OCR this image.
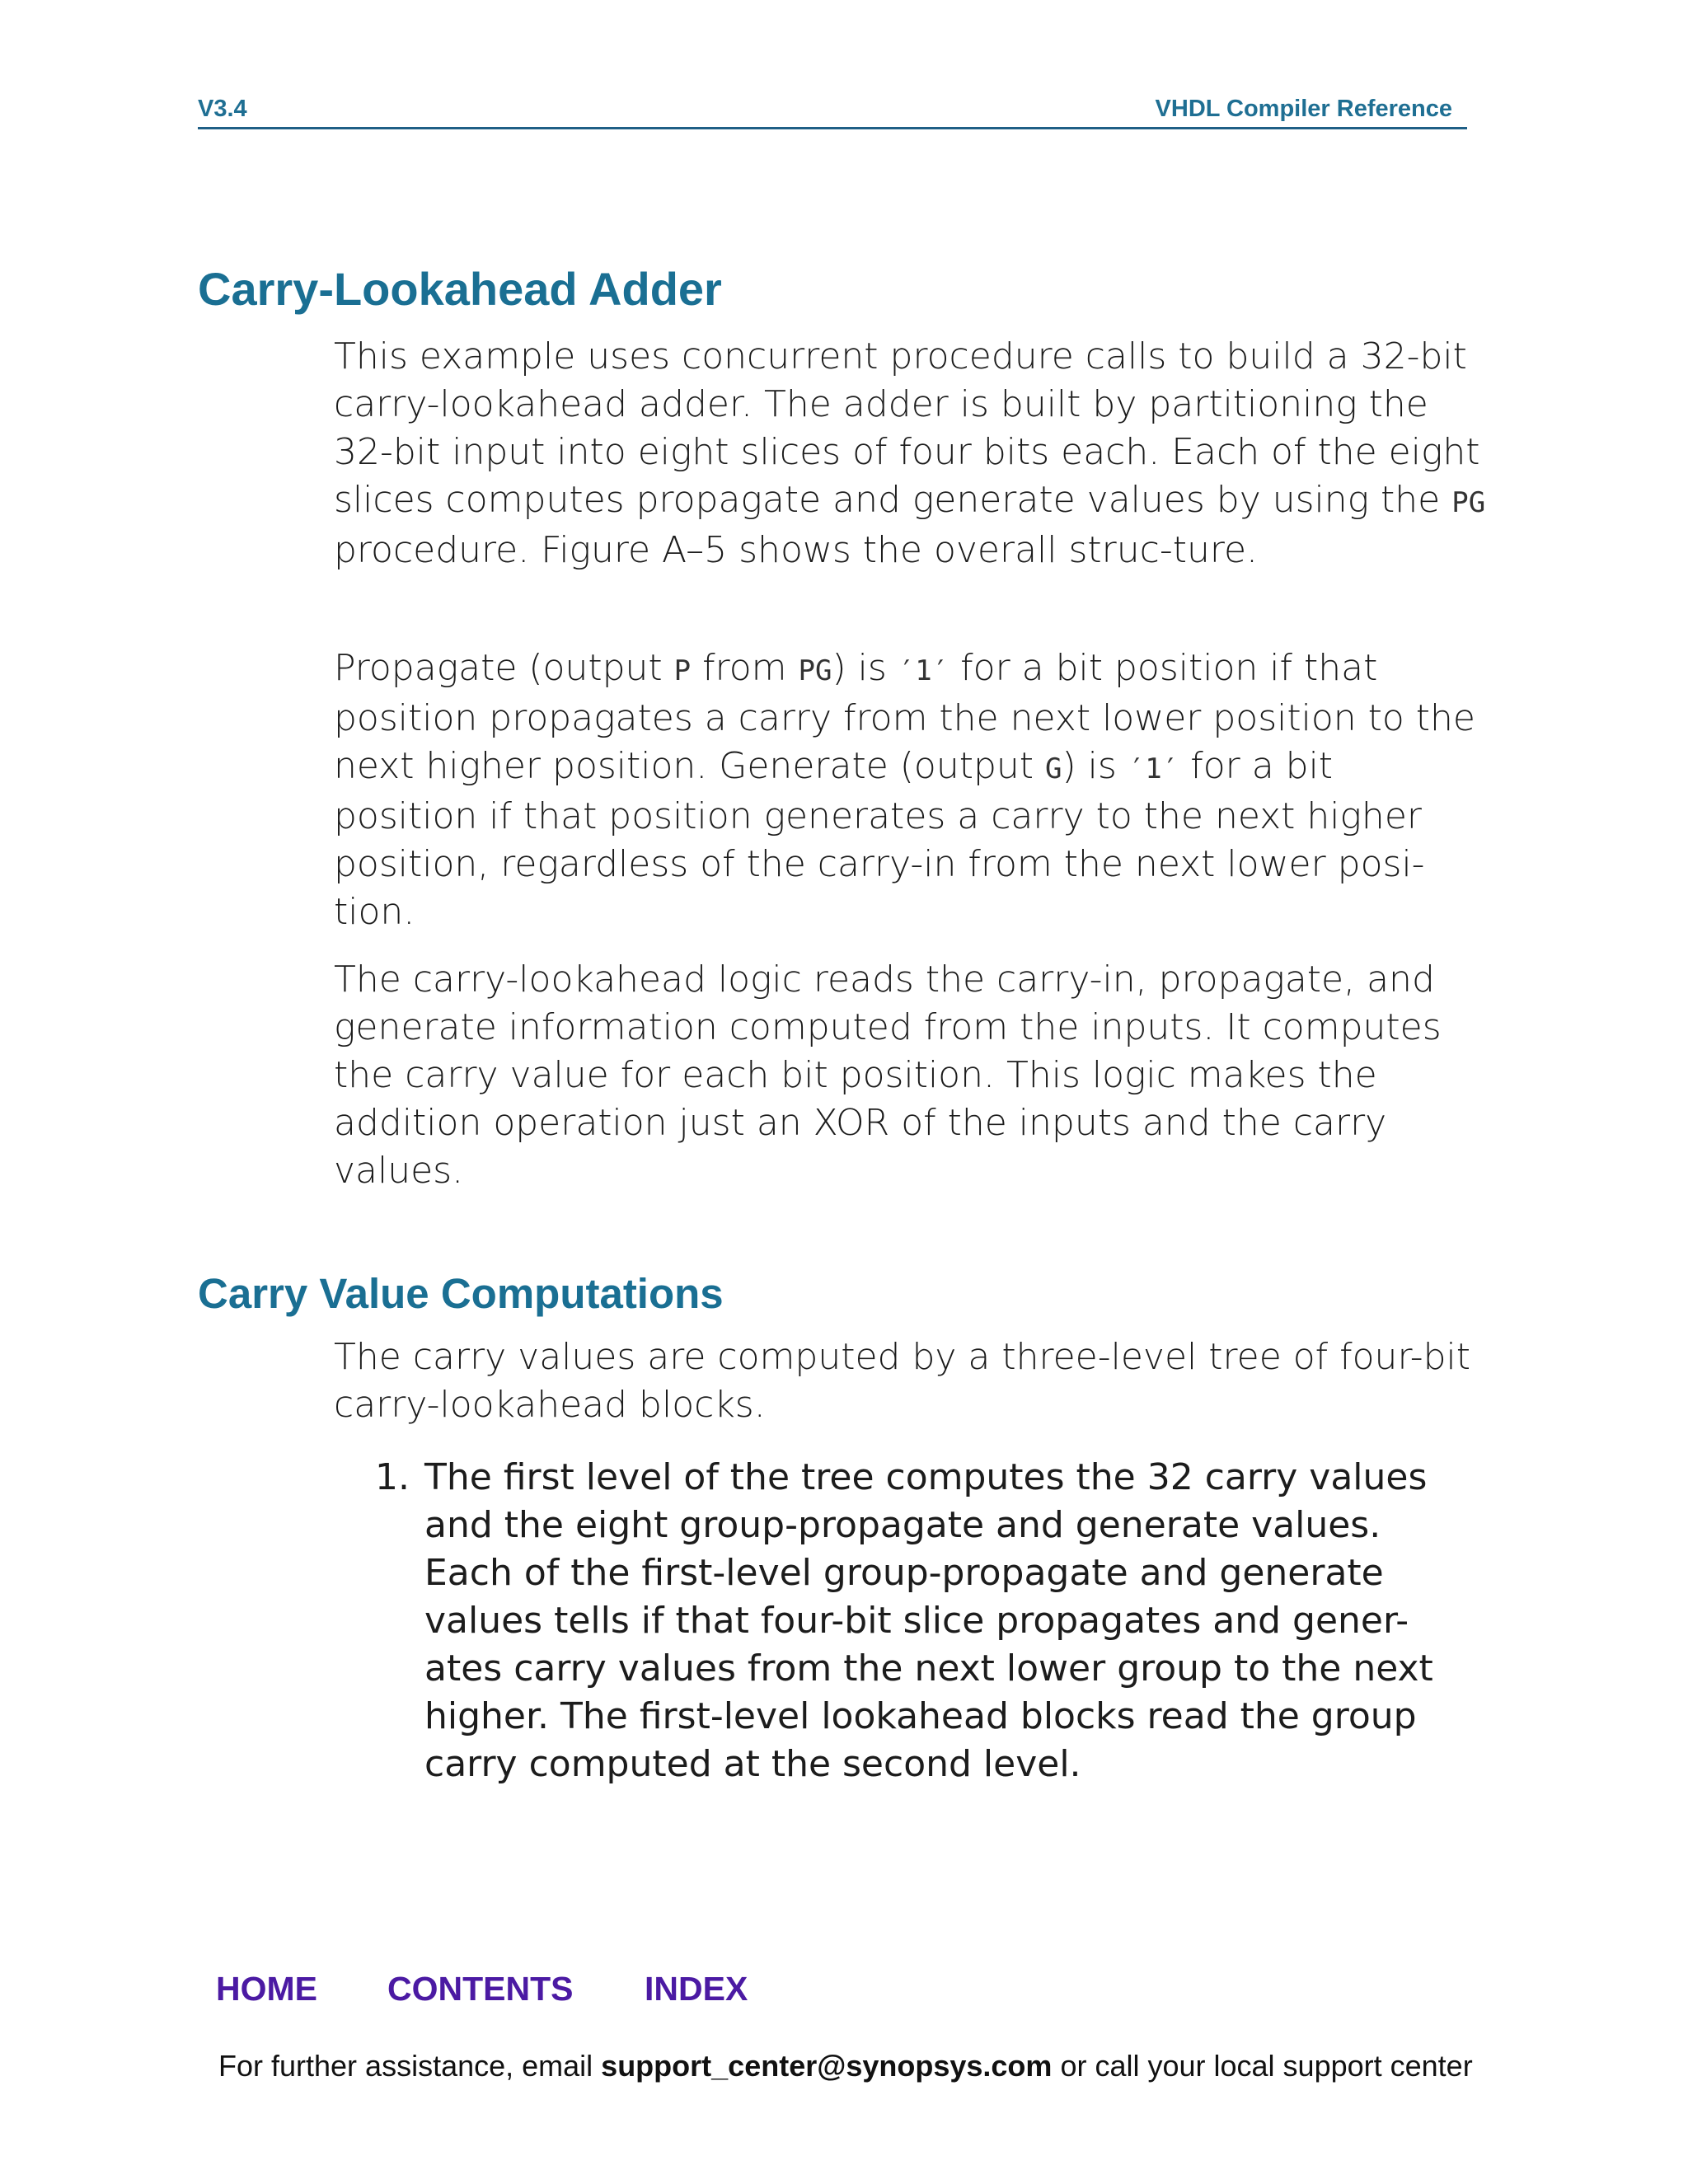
V3.4	VHDL Compiler Reference
Carry-Lookahead Adder

This example uses concurrent procedure calls to build a 32-bit carry-lookahead adder. The adder is built by partitioning the 32-bit input into eight slices of four bits each. Each of the eight slices computes propagate and generate values by using the PG procedure. Figure A–5 shows the overall struc-ture.

Propagate (output P from PG) is ′1′ for a bit position if that position propagates a carry from the next lower position to the next higher position. Generate (output G) is ′1′ for a bit position if that position generates a carry to the next higher position, regardless of the carry-in from the next lower posi-tion.

The carry-lookahead logic reads the carry-in, propagate, and generate information computed from the inputs. It computes the carry value for each bit position. This logic makes the addition operation just an XOR of the inputs and the carry values.

Carry Value Computations

The carry values are computed by a three-level tree of four-bit carry-lookahead blocks.

1. The first level of the tree computes the 32 carry values and the eight group-propagate and generate values. Each of the first-level group-propagate and generate values tells if that four-bit slice propagates and gener-ates carry values from the next lower group to the next higher. The first-level lookahead blocks read the group carry computed at the second level.
HOME CONTENTS INDEX
For further assistance, email support_center@synopsys.com or call your local support center
